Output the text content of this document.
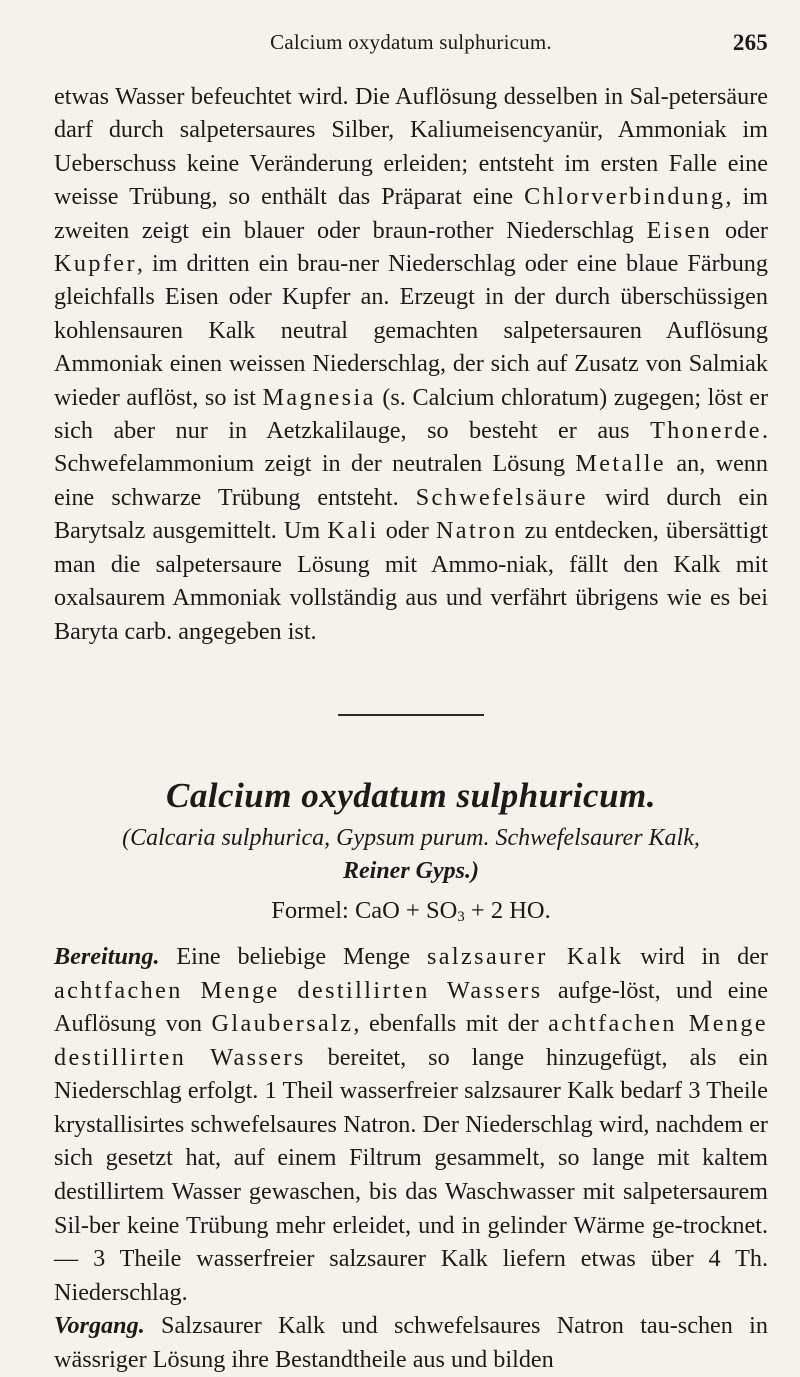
Calcium oxydatum sulphuricum.	265

etwas Wasser befeuchtet wird. Die Auflösung desselben in Sal-petersäure darf durch salpetersaures Silber, Kaliumeisencyanür, Ammoniak im Ueberschuss keine Veränderung erleiden; entsteht im ersten Falle eine weisse Trübung, so enthält das Präparat eine Chlorverbindung, im zweiten zeigt ein blauer oder braun-rother Niederschlag Eisen oder Kupfer, im dritten ein brau-ner Niederschlag oder eine blaue Färbung gleichfalls Eisen oder Kupfer an. Erzeugt in der durch überschüssigen kohlensauren Kalk neutral gemachten salpetersauren Auflösung Ammoniak einen weissen Niederschlag, der sich auf Zusatz von Salmiak wieder auflöst, so ist Magnesia (s. Calcium chloratum) zugegen; löst er sich aber nur in Aetzkalilauge, so besteht er aus Thonerde. Schwefelammonium zeigt in der neutralen Lösung Metalle an, wenn eine schwarze Trübung entsteht. Schwefelsäure wird durch ein Barytsalz ausgemittelt. Um Kali oder Natron zu entdecken, übersättigt man die salpetersaure Lösung mit Ammo-niak, fällt den Kalk mit oxalsaurem Ammoniak vollständig aus und verfährt übrigens wie es bei Baryta carb. angegeben ist.

Calcium oxydatum sulphuricum.
(Calcaria sulphurica, Gypsum purum. Schwefelsaurer Kalk,
Reiner Gyps.)
Formel: CaO + $SO_3 + 2$ HO.

Bereitung. Eine beliebige Menge salzsaurer Kalk wird in der achtfachen Menge destillirten Wassers aufge-löst, und eine Auflösung von Glaubersalz, ebenfalls mit der achtfachen Menge destillirten Wassers bereitet, so lange hinzugefügt, als ein Niederschlag erfolgt. 1 Theil wasserfreier salzsaurer Kalk bedarf 3 Theile krystallisirtes schwefelsaures Natron. Der Niederschlag wird, nachdem er sich gesetzt hat, auf einem Filtrum gesammelt, so lange mit kaltem destillirtem Wasser gewaschen, bis das Waschwasser mit salpetersaurem Sil-ber keine Trübung mehr erleidet, und in gelinder Wärme ge-trocknet. — 3 Theile wasserfreier salzsaurer Kalk liefern etwas über 4 Th. Niederschlag.

Vorgang. Salzsaurer Kalk und schwefelsaures Natron tau-schen in wässriger Lösung ihre Bestandtheile aus und bilden
